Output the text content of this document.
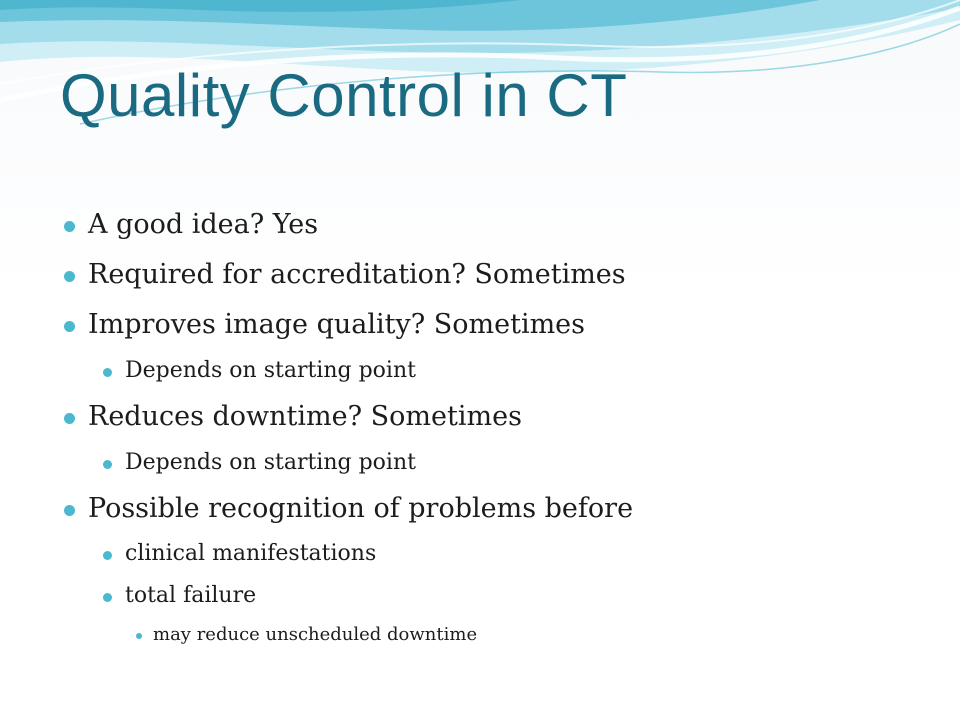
Quality Control in CT
A good idea? Yes
Required for accreditation? Sometimes
Improves image quality? Sometimes
Depends on starting point
Reduces downtime? Sometimes
Depends on starting point
Possible recognition of problems before
clinical manifestations
total failure
may reduce unscheduled downtime
